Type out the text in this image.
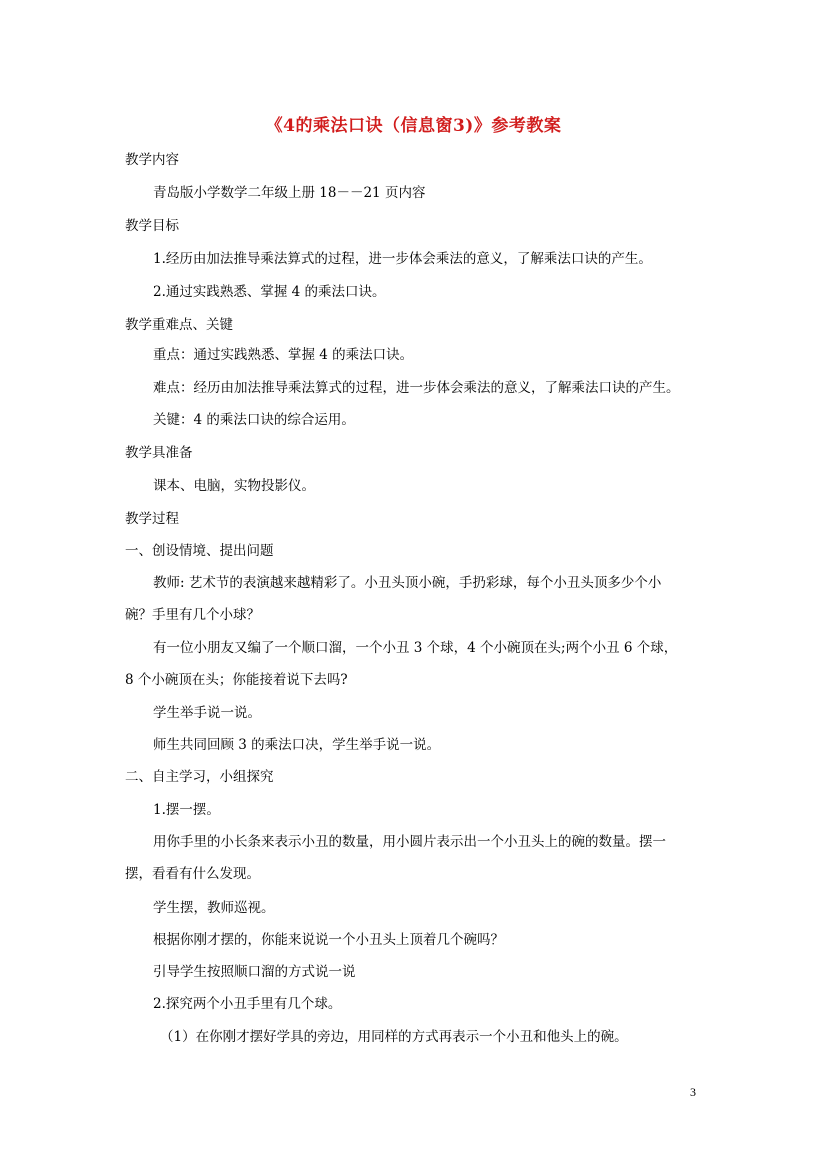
《4的乘法口诀（信息窗3)》参考教案
教学内容
青岛版小学数学二年级上册 18－－21 页内容
教学目标
1.经历由加法推导乘法算式的过程，进一步体会乘法的意义，了解乘法口诀的产生。
2.通过实践熟悉、掌握 4 的乘法口诀。
教学重难点、关键
重点：通过实践熟悉、掌握 4 的乘法口诀。
难点：经历由加法推导乘法算式的过程，进一步体会乘法的意义，了解乘法口诀的产生。
关键：4 的乘法口诀的综合运用。
教学具准备
课本、电脑，实物投影仪。
教学过程
一、创设情境、提出问题
教师: 艺术节的表演越来越精彩了。小丑头顶小碗，手扔彩球，每个小丑头顶多少个小
碗？手里有几个小球？
有一位小朋友又编了一个顺口溜，一个小丑 3 个球，4 个小碗顶在头;两个小丑 6 个球，
8 个小碗顶在头；你能接着说下去吗?
学生举手说一说。
师生共同回顾 3 的乘法口决，学生举手说一说。
二、自主学习，小组探究
1.摆一摆。
用你手里的小长条来表示小丑的数量，用小圆片表示出一个小丑头上的碗的数量。摆一
摆，看看有什么发现。
学生摆，教师巡视。
根据你刚才摆的，你能来说说一个小丑头上顶着几个碗吗？
引导学生按照顺口溜的方式说一说
2.探究两个小丑手里有几个球。
（1）在你刚才摆好学具的旁边，用同样的方式再表示一个小丑和他头上的碗。
3
